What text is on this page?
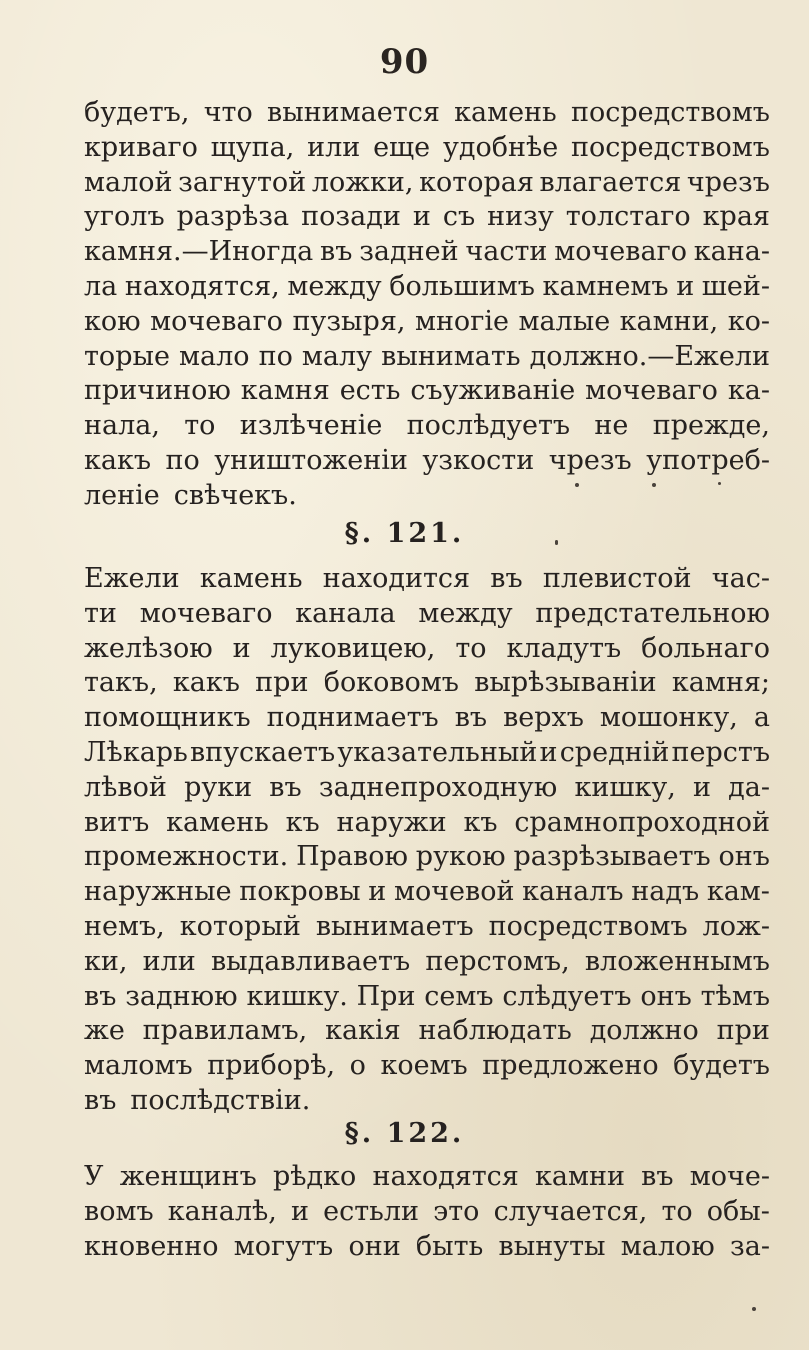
90
будетъ, что вынимается камень посредствомъ
криваго щупа, или еще удобнѣе посредствомъ
малой загнутой ложки, которая влагается чрезъ
уголъ разрѣза позади и съ низу толстаго края
камня.—Иногда въ задней части мочеваго кана-
ла находятся, между большимъ камнемъ и шей-
кою мочеваго пузыря, многіе малые камни, ко-
торые мало по малу вынимать должно.—Ежели
причиною камня есть съуживаніе мочеваго ка-
нала, то излѣченіе послѣдуетъ не прежде,
какъ по уништоженіи узкости чрезъ употреб-
леніе свѣчекъ.
§. 121.
Ежели камень находится въ плевистой час-
ти мочеваго канала между предстательною
желѣзою и луковицею, то кладутъ больнаго
такъ, какъ при боковомъ вырѣзываніи камня;
помощникъ поднимаетъ въ верхъ мошонку, а
Лѣкарь впускаетъ указательный и средній перстъ
лѣвой руки въ заднепроходную кишку, и да-
витъ камень къ наружи къ срамнопроходной
промежности. Правою рукою разрѣзываетъ онъ
наружные покровы и мочевой каналъ надъ кам-
немъ, который вынимаетъ посредствомъ лож-
ки, или выдавливаетъ перстомъ, вложеннымъ
въ заднюю кишку. При семъ слѣдуетъ онъ тѣмъ
же правиламъ, какія наблюдать должно при
маломъ приборѣ, о коемъ предложено будетъ
въ послѣдствіи.
§. 122.
У женщинъ рѣдко находятся камни въ моче-
вомъ каналѣ, и естьли это случается, то обы-
кновенно могутъ они быть вынуты малою за-
